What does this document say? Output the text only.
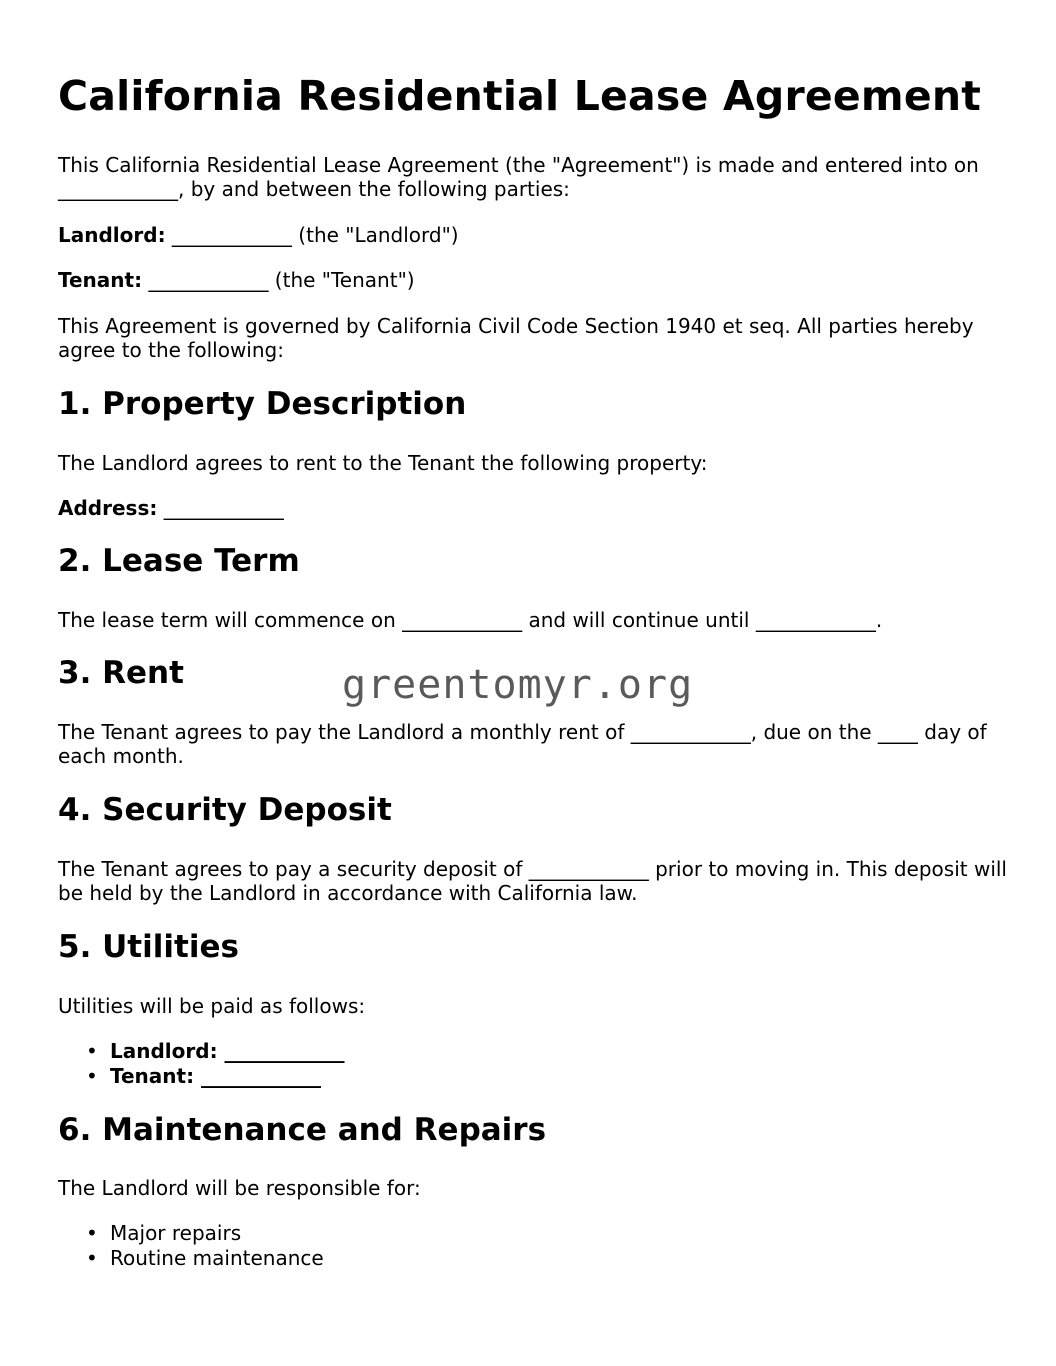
California Residential Lease Agreement

This California Residential Lease Agreement (the "Agreement") is made and entered into on ____________, by and between the following parties:

Landlord: ____________ (the "Landlord")

Tenant: ____________ (the "Tenant")

This Agreement is governed by California Civil Code Section 1940 et seq. All parties hereby agree to the following:

1. Property Description

The Landlord agrees to rent to the Tenant the following property:

Address: ____________

2. Lease Term

The lease term will commence on ____________ and will continue until ____________.

3. Rent

The Tenant agrees to pay the Landlord a monthly rent of ____________, due on the ____ day of each month.

4. Security Deposit

The Tenant agrees to pay a security deposit of ____________ prior to moving in. This deposit will be held by the Landlord in accordance with California law.

5. Utilities

Utilities will be paid as follows:

• Landlord: ____________
• Tenant: ____________
6. Maintenance and Repairs

The Landlord will be responsible for:

• Major repairs
• Routine maintenance
greentomyr.org
